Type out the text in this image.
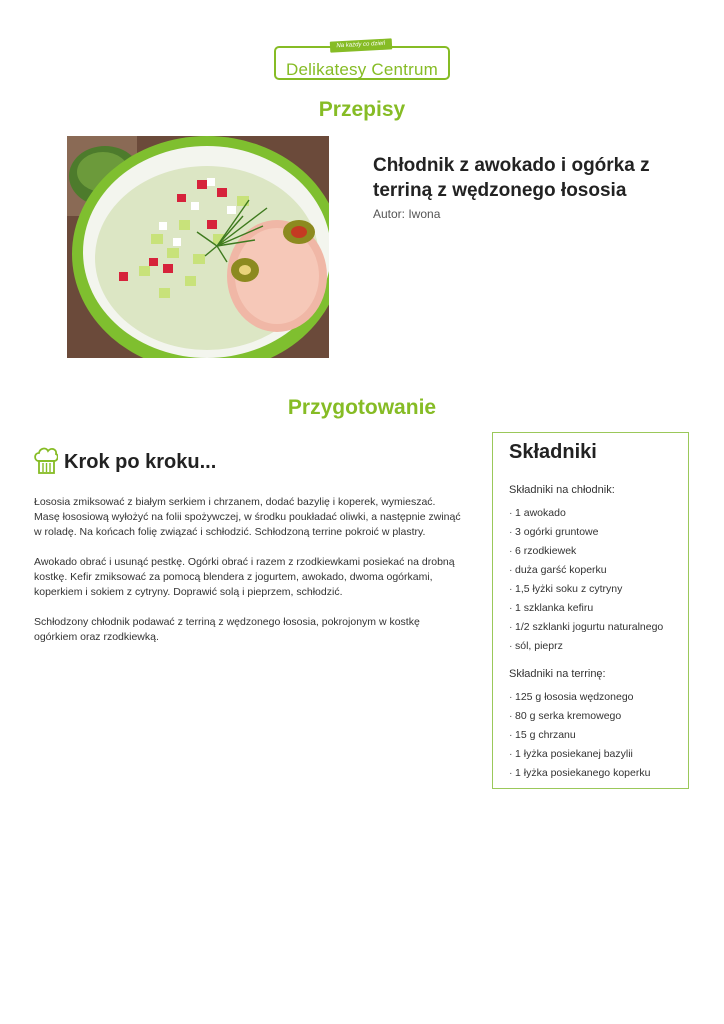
Delikatesy Centrum
Na każdy co dzień
Przepisy
Chłodnik z awokado i ogórka z terriną z wędzonego łososia
Autor: Iwona
Przygotowanie
Krok po kroku...

Łososia zmiksować z białym serkiem i chrzanem, dodać bazylię i koperek, wymieszać. Masę łososiową wyłożyć na folii spożywczej, w środku poukładać oliwki, a następnie zwinąć w roladę. Na końcach folię związać i schłodzić. Schłodzoną terrine pokroić w plastry.

Awokado obrać i usunąć pestkę. Ogórki obrać i razem z rzodkiewkami posiekać na drobną kostkę. Kefir zmiksować za pomocą blendera z jogurtem, awokado, dwoma ogórkami, koperkiem i sokiem z cytryny. Doprawić solą i pieprzem, schłodzić.

Schłodzony chłodnik podawać z terriną z wędzonego łososia, pokrojonym w kostkę ogórkiem oraz rzodkiewką.

Składniki
Składniki na chłodnik:
· 1 awokado
· 3 ogórki gruntowe
· 6 rzodkiewek
· duża garść koperku
· 1,5 łyżki soku z cytryny
· 1 szklanka kefiru
· 1/2 szklanki jogurtu naturalnego
· sól, pieprz
Składniki na terrinę:
· 125 g łososia wędzonego
· 80 g serka kremowego
· 15 g chrzanu
· 1 łyżka posiekanej bazylii
· 1 łyżka posiekanego koperku
